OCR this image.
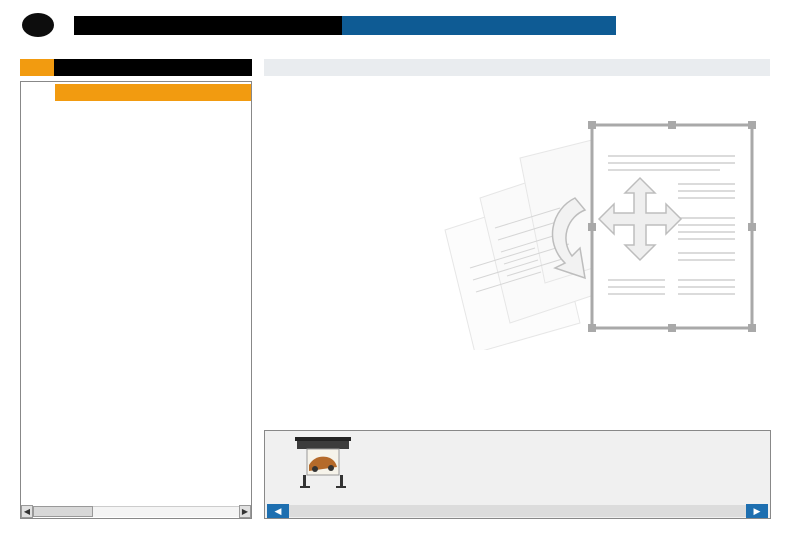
◀	▶	◀	▶
